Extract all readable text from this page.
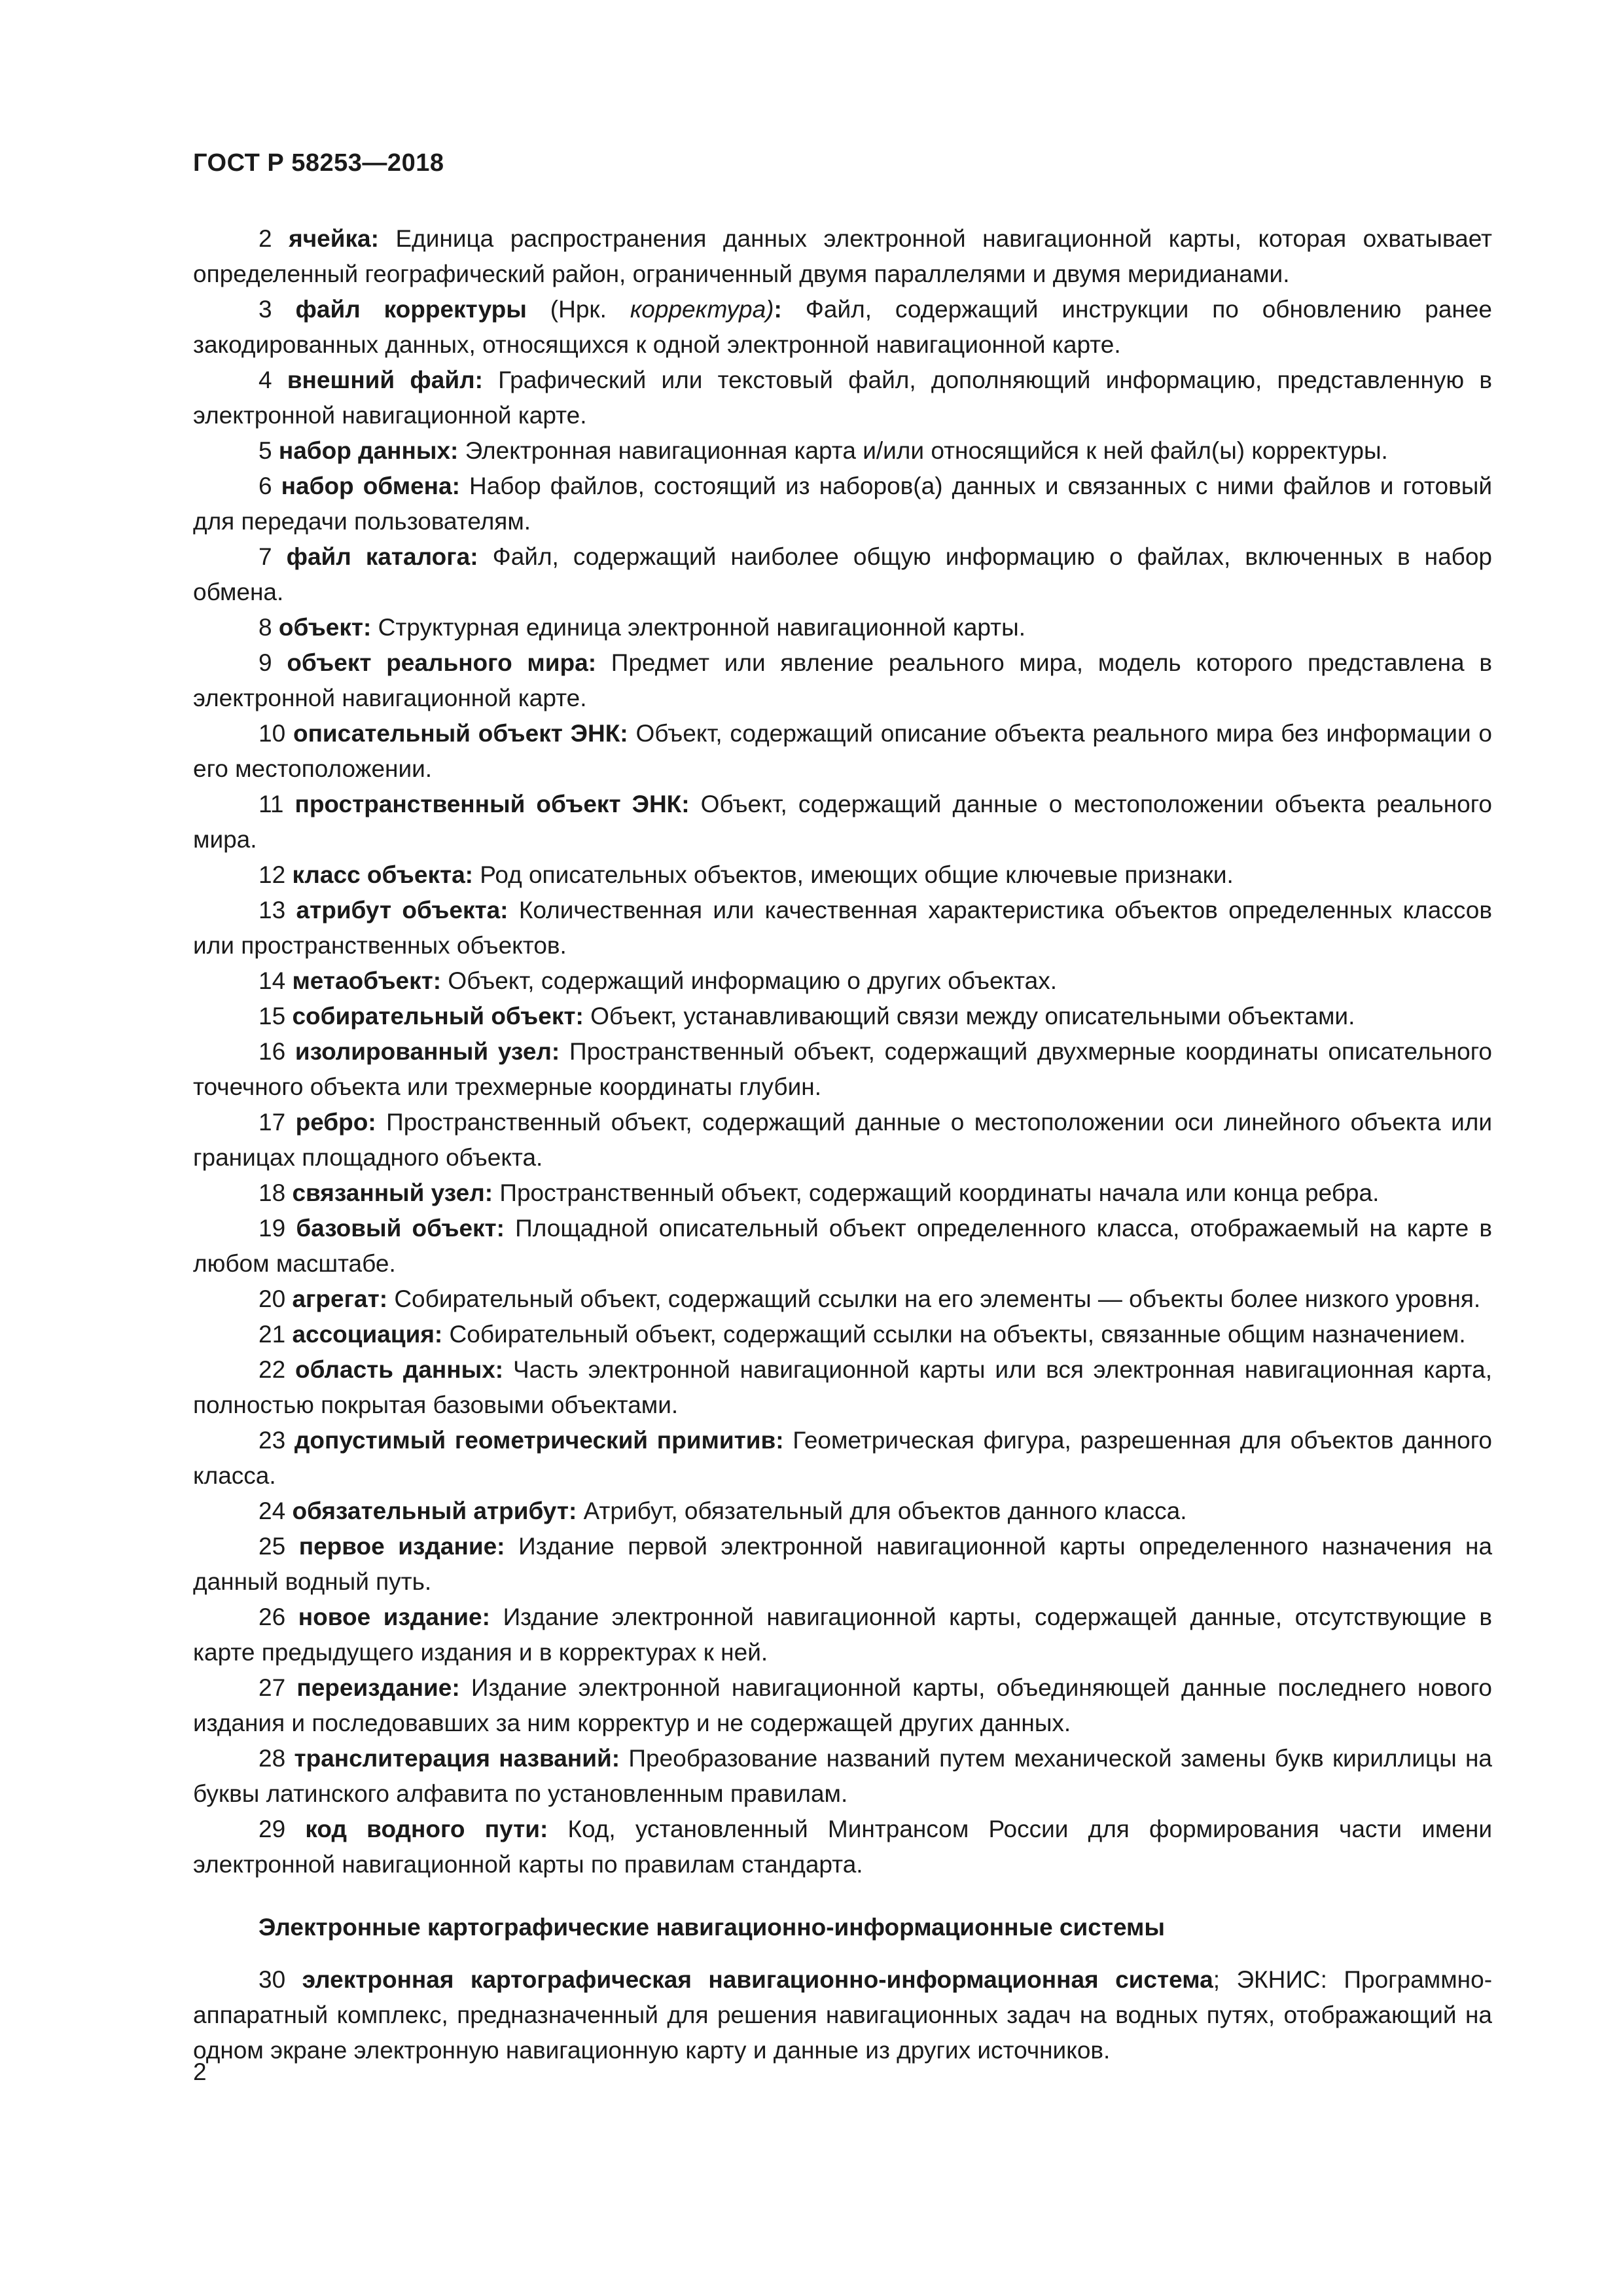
ГОСТ Р 58253—2018

2 ячейка: Единица распространения данных электронной навигационной карты, которая охватывает определенный географический район, ограниченный двумя параллелями и двумя меридианами.

3 файл корректуры (Нрк. корректура): Файл, содержащий инструкции по обновлению ранее закодированных данных, относящихся к одной электронной навигационной карте.

4 внешний файл: Графический или текстовый файл, дополняющий информацию, представленную в электронной навигационной карте.

5 набор данных: Электронная навигационная карта и/или относящийся к ней файл(ы) корректуры.

6 набор обмена: Набор файлов, состоящий из наборов(а) данных и связанных с ними файлов и готовый для передачи пользователям.

7 файл каталога: Файл, содержащий наиболее общую информацию о файлах, включенных в набор обмена.

8 объект: Структурная единица электронной навигационной карты.

9 объект реального мира: Предмет или явление реального мира, модель которого представлена в электронной навигационной карте.

10 описательный объект ЭНК: Объект, содержащий описание объекта реального мира без информации о его местоположении.

11 пространственный объект ЭНК: Объект, содержащий данные о местоположении объекта реального мира.

12 класс объекта: Род описательных объектов, имеющих общие ключевые признаки.

13 атрибут объекта: Количественная или качественная характеристика объектов определенных классов или пространственных объектов.

14 метаобъект: Объект, содержащий информацию о других объектах.

15 собирательный объект: Объект, устанавливающий связи между описательными объектами.

16 изолированный узел: Пространственный объект, содержащий двухмерные координаты описательного точечного объекта или трехмерные координаты глубин.

17 ребро: Пространственный объект, содержащий данные о местоположении оси линейного объекта или границах площадного объекта.

18 связанный узел: Пространственный объект, содержащий координаты начала или конца ребра.

19 базовый объект: Площадной описательный объект определенного класса, отображаемый на карте в любом масштабе.

20 агрегат: Собирательный объект, содержащий ссылки на его элементы — объекты более низкого уровня.

21 ассоциация: Собирательный объект, содержащий ссылки на объекты, связанные общим назначением.

22 область данных: Часть электронной навигационной карты или вся электронная навигационная карта, полностью покрытая базовыми объектами.

23 допустимый геометрический примитив: Геометрическая фигура, разрешенная для объектов данного класса.

24 обязательный атрибут: Атрибут, обязательный для объектов данного класса.

25 первое издание: Издание первой электронной навигационной карты определенного назначения на данный водный путь.

26 новое издание: Издание электронной навигационной карты, содержащей данные, отсутствующие в карте предыдущего издания и в корректурах к ней.

27 переиздание: Издание электронной навигационной карты, объединяющей данные последнего нового издания и последовавших за ним корректур и не содержащей других данных.

28 транслитерация названий: Преобразование названий путем механической замены букв кириллицы на буквы латинского алфавита по установленным правилам.

29 код водного пути: Код, установленный Минтрансом России для формирования части имени электронной навигационной карты по правилам стандарта.

Электронные картографические навигационно-информационные системы

30 электронная картографическая навигационно-информационная система; ЭКНИС: Программно-аппаратный комплекс, предназначенный для решения навигационных задач на водных путях, отображающий на одном экране электронную навигационную карту и данные из других источников.

2
